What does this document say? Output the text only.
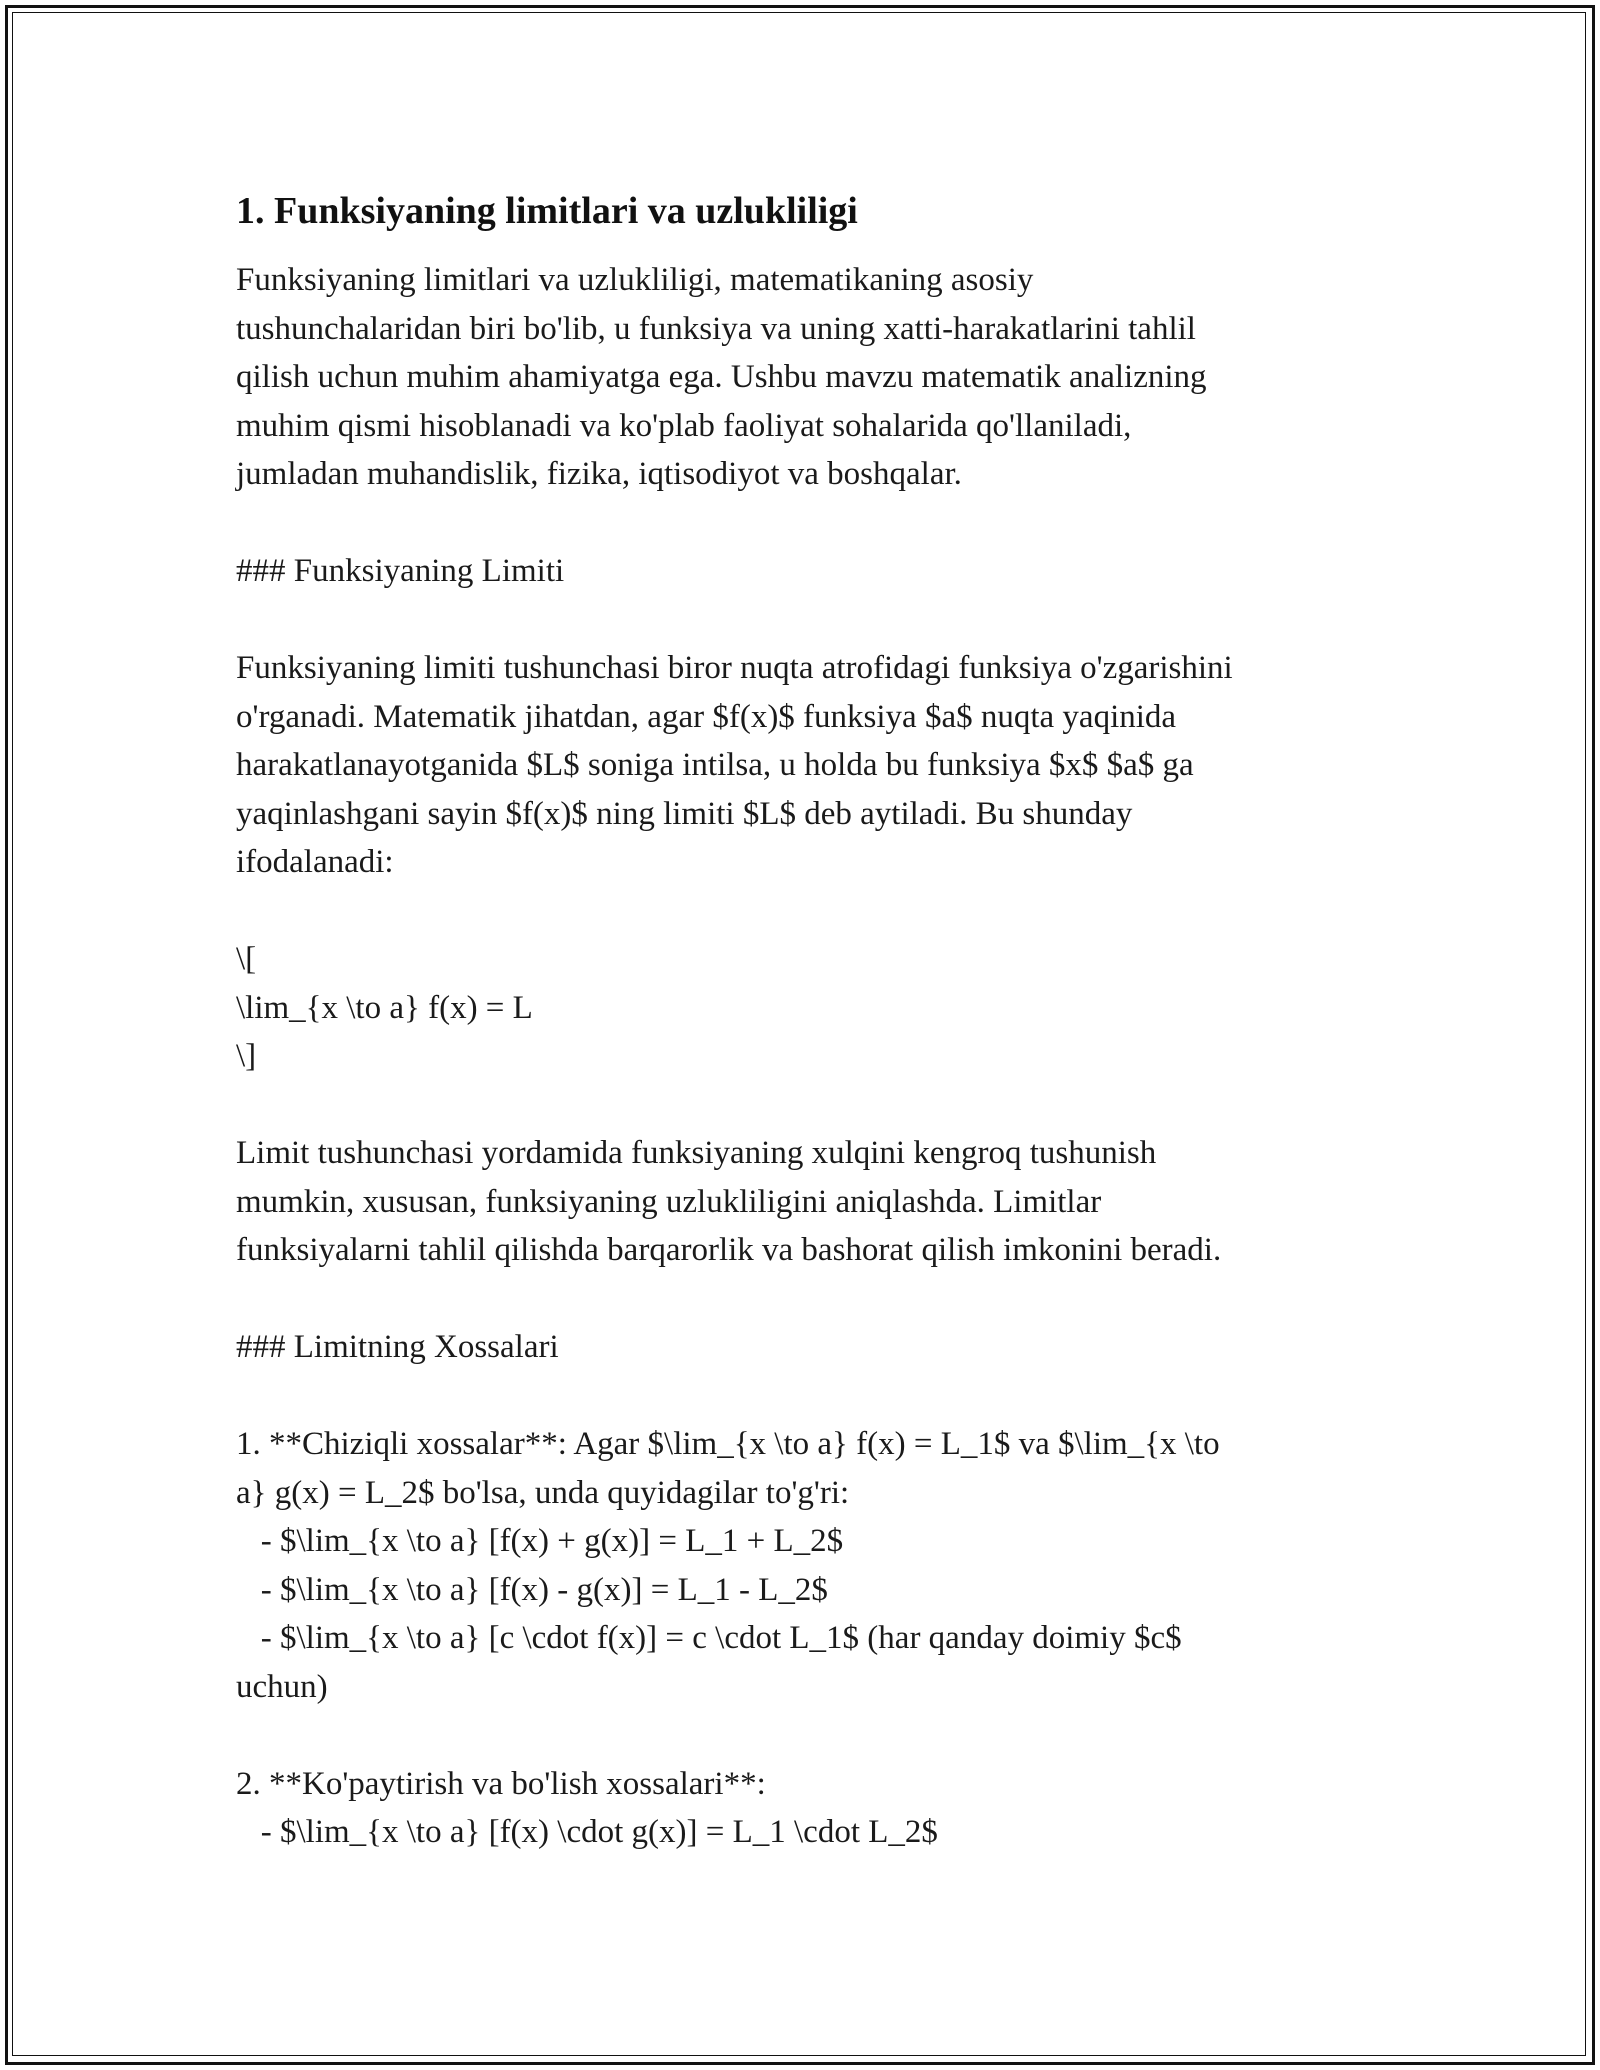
1. Funksiyaning limitlari va uzlukliligi

Funksiyaning limitlari va uzlukliligi, matematikaning asosiy
tushunchalaridan biri bo'lib, u funksiya va uning xatti-harakatlarini tahlil
qilish uchun muhim ahamiyatga ega. Ushbu mavzu matematik analizning
muhim qismi hisoblanadi va ko'plab faoliyat sohalarida qo'llaniladi,
jumladan muhandislik, fizika, iqtisodiyot va boshqalar.

### Funksiyaning Limiti

Funksiyaning limiti tushunchasi biror nuqta atrofidagi funksiya o'zgarishini
o'rganadi. Matematik jihatdan, agar $f(x)$ funksiya $a$ nuqta yaqinida
harakatlanayotganida $L$ soniga intilsa, u holda bu funksiya $x$ $a$ ga
yaqinlashgani sayin $f(x)$ ning limiti $L$ deb aytiladi. Bu shunday
ifodalanadi:

\[
\lim_{x \to a} f(x) = L
\]

Limit tushunchasi yordamida funksiyaning xulqini kengroq tushunish
mumkin, xususan, funksiyaning uzlukliligini aniqlashda. Limitlar
funksiyalarni tahlil qilishda barqarorlik va bashorat qilish imkonini beradi.

### Limitning Xossalari

1. **Chiziqli xossalar**: Agar $\lim_{x \to a} f(x) = L_1$ va $\lim_{x \to
a} g(x) = L_2$ bo'lsa, unda quyidagilar to'g'ri:
- $\lim_{x \to a} [f(x) + g(x)] = L_1 + L_2$
- $\lim_{x \to a} [f(x) - g(x)] = L_1 - L_2$
- $\lim_{x \to a} [c \cdot f(x)] = c \cdot L_1$ (har qanday doimiy $c$
uchun)

2. **Ko'paytirish va bo'lish xossalari**:
- $\lim_{x \to a} [f(x) \cdot g(x)] = L_1 \cdot L_2$
